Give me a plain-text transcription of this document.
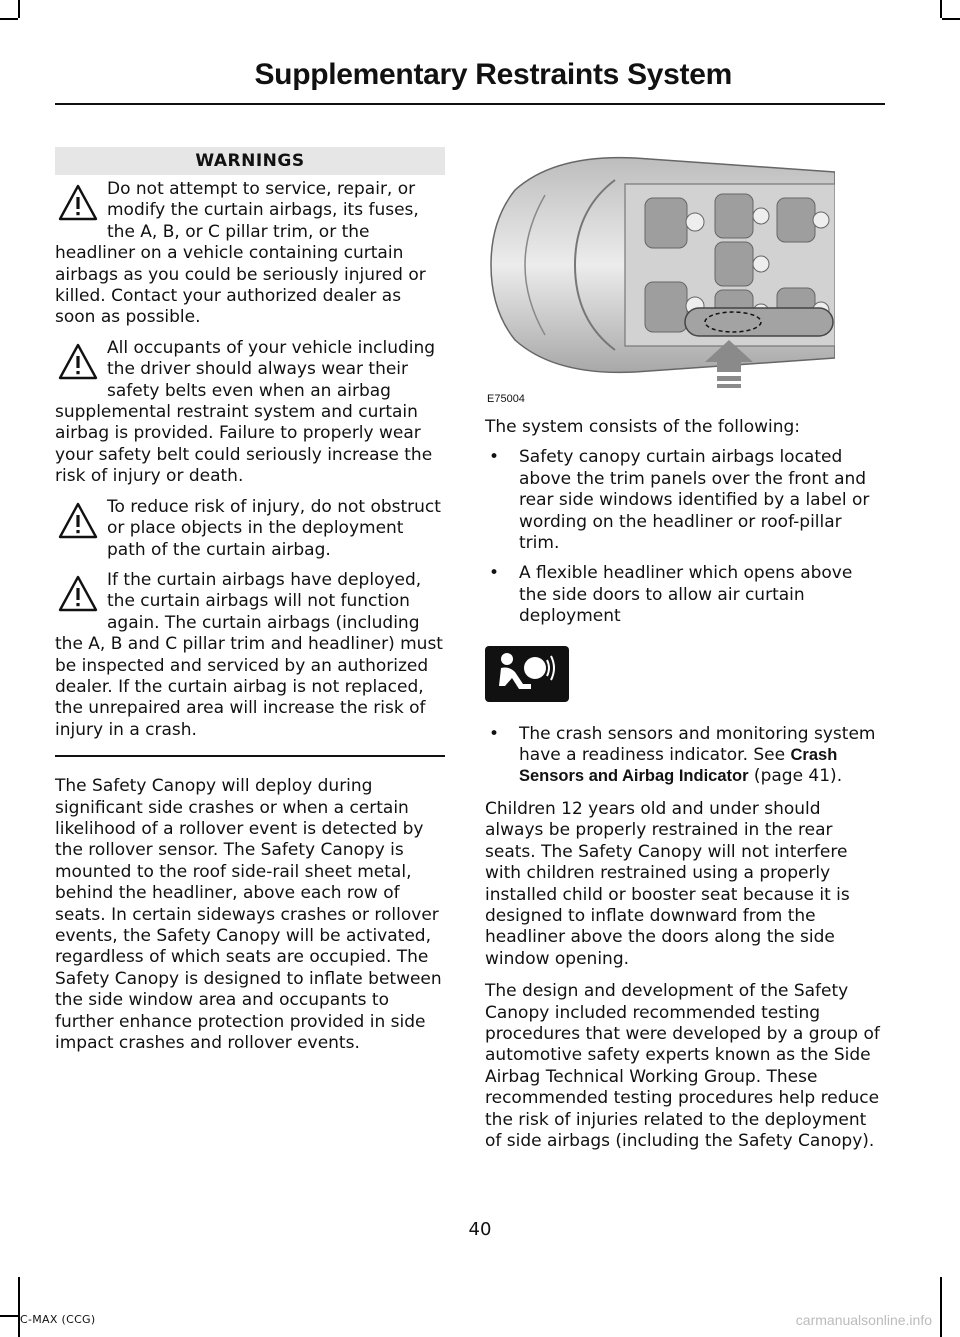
Supplementary Restraints System
WARNINGS

Do not attempt to service, repair, or modify the curtain airbags, its fuses, the A, B, or C pillar trim, or the headliner on a vehicle containing curtain airbags as you could be seriously injured or killed. Contact your authorized dealer as soon as possible.

All occupants of your vehicle including the driver should always wear their safety belts even when an airbag supplemental restraint system and curtain airbag is provided. Failure to properly wear your safety belt could seriously increase the risk of injury or death.

To reduce risk of injury, do not obstruct or place objects in the deployment path of the curtain airbag.

If the curtain airbags have deployed, the curtain airbags will not function again. The curtain airbags (including the A, B and C pillar trim and headliner) must be inspected and serviced by an authorized dealer. If the curtain airbag is not replaced, the unrepaired area will increase the risk of injury in a crash.

The Safety Canopy will deploy during significant side crashes or when a certain likelihood of a rollover event is detected by the rollover sensor. The Safety Canopy is mounted to the roof side-rail sheet metal, behind the headliner, above each row of seats. In certain sideways crashes or rollover events, the Safety Canopy will be activated, regardless of which seats are occupied. The Safety Canopy is designed to inflate between the side window area and occupants to further enhance protection provided in side impact crashes and rollover events.

E75004

The system consists of the following:

• Safety canopy curtain airbags located above the trim panels over the front and rear side windows identified by a label or wording on the headliner or roof-pillar trim.
• A flexible headliner which opens above the side doors to allow air curtain deployment
• The crash sensors and monitoring system have a readiness indicator. See Crash Sensors and Airbag Indicator (page 41).

Children 12 years old and under should always be properly restrained in the rear seats. The Safety Canopy will not interfere with children restrained using a properly installed child or booster seat because it is designed to inflate downward from the headliner above the doors along the side window opening.

The design and development of the Safety Canopy included recommended testing procedures that were developed by a group of automotive safety experts known as the Side Airbag Technical Working Group. These recommended testing procedures help reduce the risk of injuries related to the deployment of side airbags (including the Safety Canopy).

40
C-MAX (CCG)	carmanualsonline.info
